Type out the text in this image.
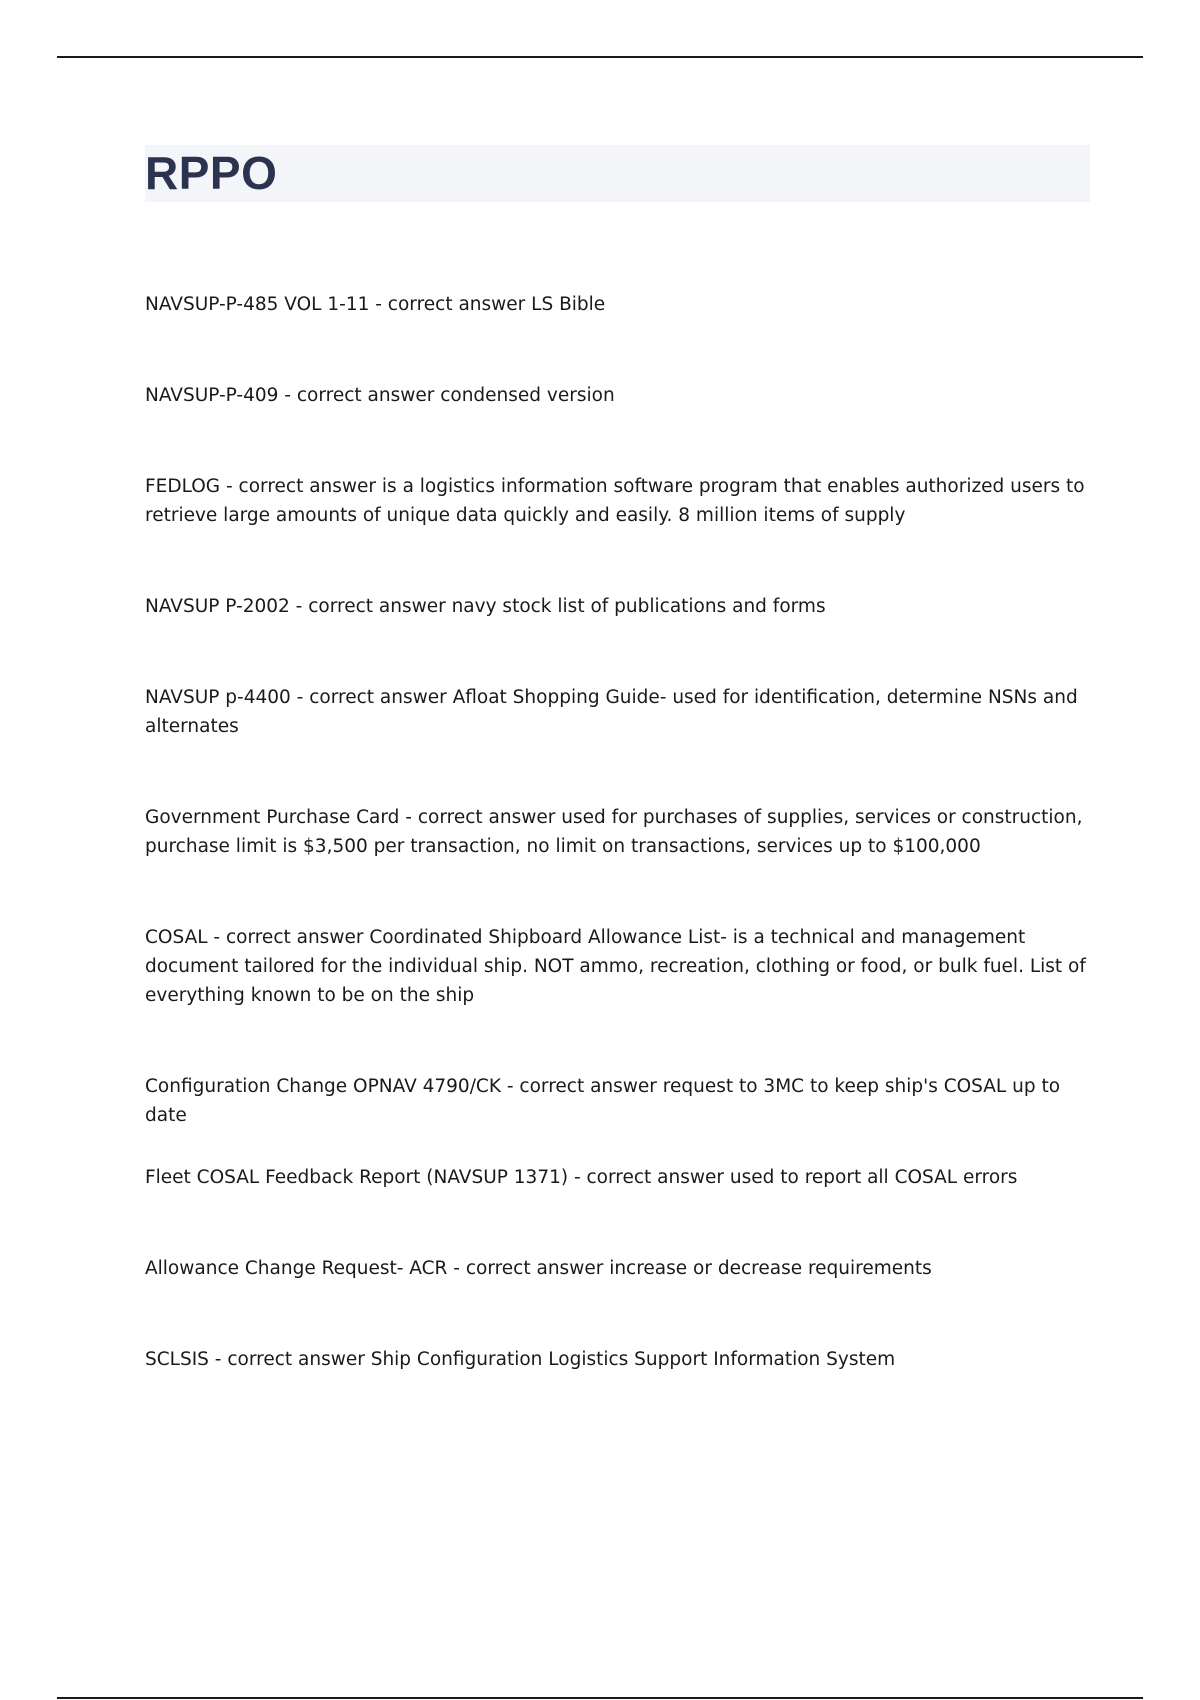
RPPO

NAVSUP-P-485 VOL 1-11 - correct answer LS Bible

NAVSUP-P-409 - correct answer condensed version

FEDLOG - correct answer is a logistics information software program that enables authorized users to retrieve large amounts of unique data quickly and easily. 8 million items of supply

NAVSUP P-2002 - correct answer navy stock list of publications and forms

NAVSUP p-4400 - correct answer Afloat Shopping Guide- used for identification, determine NSNs and alternates

Government Purchase Card - correct answer used for purchases of supplies, services or construction, purchase limit is $3,500 per transaction, no limit on transactions, services up to $100,000

COSAL - correct answer Coordinated Shipboard Allowance List- is a technical and management document tailored for the individual ship. NOT ammo, recreation, clothing or food, or bulk fuel. List of everything known to be on the ship

Configuration Change OPNAV 4790/CK - correct answer request to 3MC to keep ship's COSAL up to date

Fleet COSAL Feedback Report (NAVSUP 1371) - correct answer used to report all COSAL errors

Allowance Change Request- ACR - correct answer increase or decrease requirements

SCLSIS - correct answer Ship Configuration Logistics Support Information System
